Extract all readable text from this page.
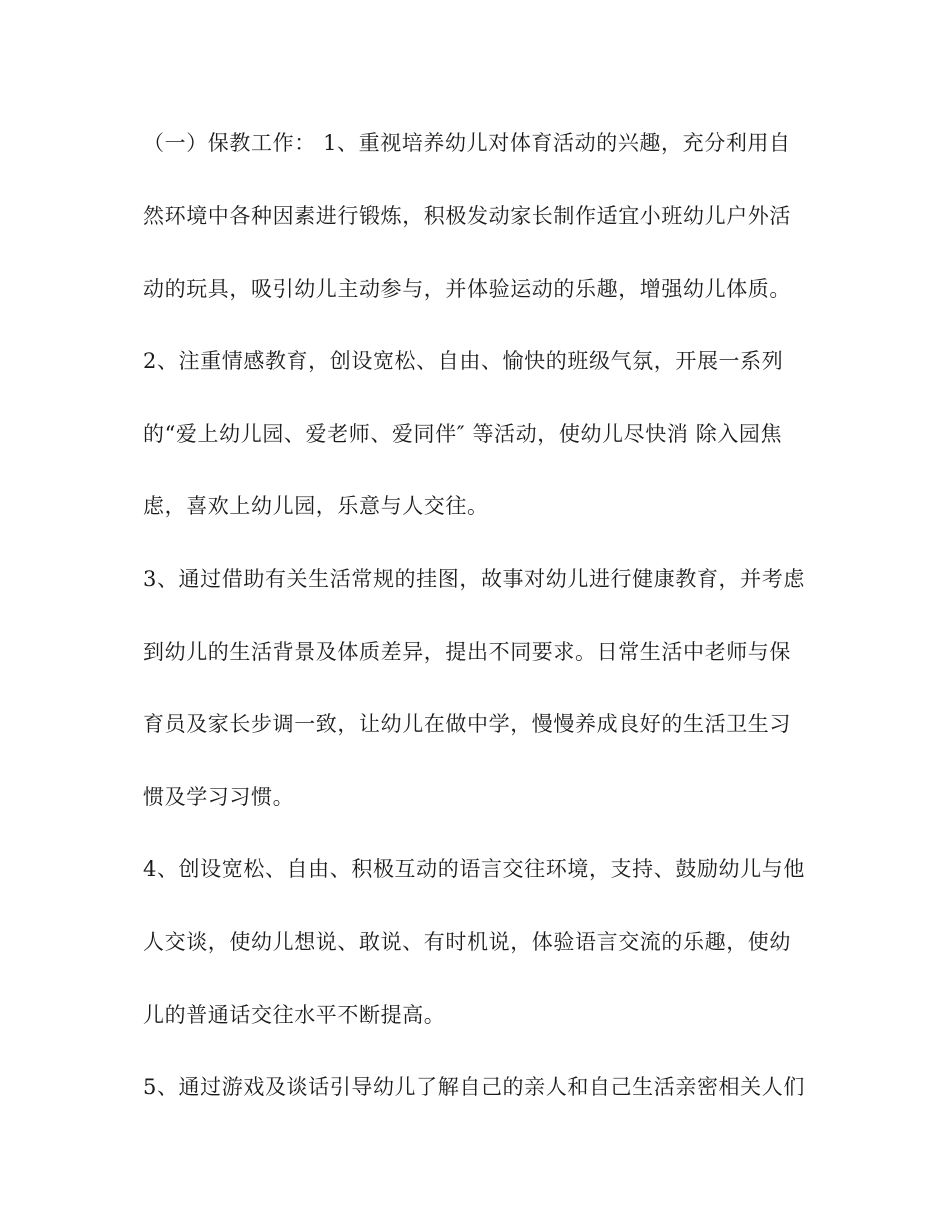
（一）保教工作： 1、重视培养幼儿对体育活动的兴趣，充分利用自
然环境中各种因素进行锻炼，积极发动家长制作适宜小班幼儿户外活
动的玩具，吸引幼儿主动参与，并体验运动的乐趣，增强幼儿体质。
2、注重情感教育，创设宽松、自由、愉快的班级气氛，开展一系列
的“爱上幼儿园、爱老师、爱同伴″ 等活动，使幼儿尽快消 除入园焦
虑，喜欢上幼儿园，乐意与人交往。
3、通过借助有关生活常规的挂图，故事对幼儿进行健康教育，并考虑
到幼儿的生活背景及体质差异，提出不同要求。日常生活中老师与保
育员及家长步调一致，让幼儿在做中学，慢慢养成良好的生活卫生习
惯及学习习惯。
4、创设宽松、自由、积极互动的语言交往环境，支持、鼓励幼儿与他
人交谈，使幼儿想说、敢说、有时机说，体验语言交流的乐趣，使幼
儿的普通话交往水平不断提高。
5、通过游戏及谈话引导幼儿了解自己的亲人和自己生活亲密相关人们
